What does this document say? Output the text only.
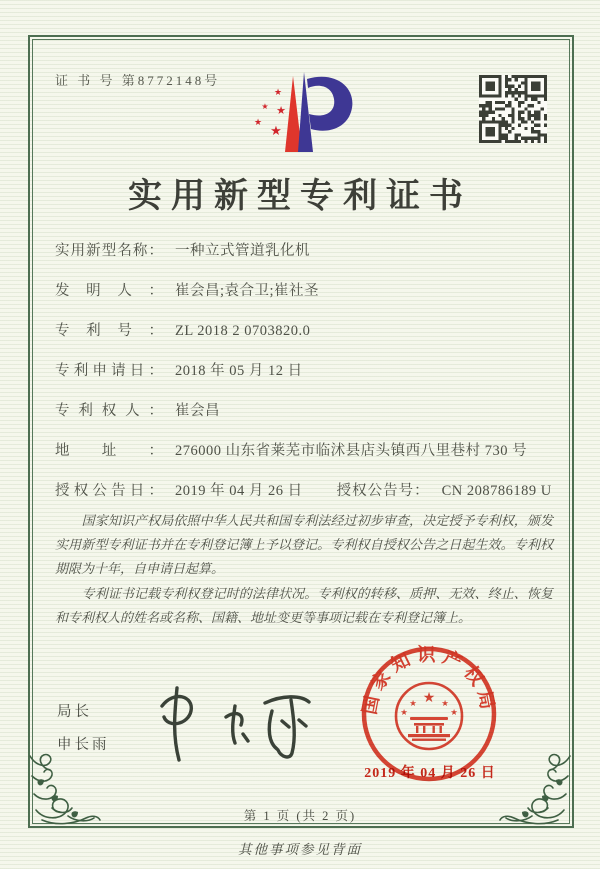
证 书 号 第8772148号
★
★ ★
★
★
实用新型专利证书
实用新型名称： 一种立式管道乳化机
发明人： 崔会昌;袁合卫;崔社圣
专利号： ZL 2018 2 0703820.0
专利申请日： 2018 年 05 月 12 日
专利权人： 崔会昌
地址： 276000 山东省莱芜市临沭县店头镇西八里巷村 730 号
授权公告日： 2019 年 04 月 26 日 授权公告号： CN 208786189 U

国家知识产权局依照中华人民共和国专利法经过初步审查，决定授予专利权，颁发实用新型专利证书并在专利登记簿上予以登记。专利权自授权公告之日起生效。专利权期限为十年，自申请日起算。

专利证书记载专利权登记时的法律状况。专利权的转移、质押、无效、终止、恢复和专利权人的姓名或名称、国籍、地址变更等事项记载在专利登记簿上。

局长
申长雨
2019 年 04 月 26 日
国家知识产权局
★
★
★
★
★
第 1 页 (共 2 页)
其他事项参见背面
